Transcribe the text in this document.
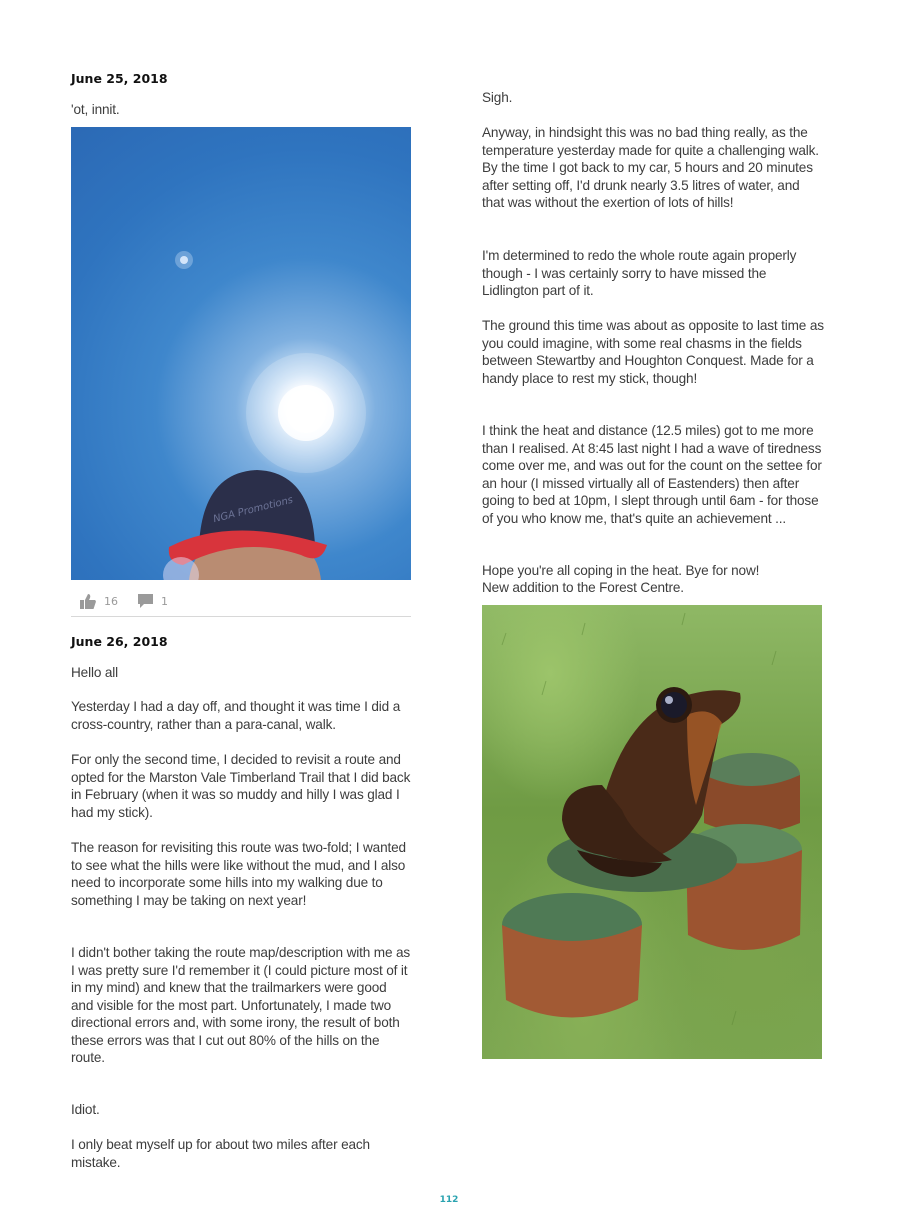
June 25, 2018
'ot, innit.
NGA Promotions
16	1
June 26, 2018
Hello all
Yesterday I had a day off, and thought it was time I did a cross-country, rather than a para-canal, walk.
For only the second time, I decided to revisit a route and opted for the Marston Vale Timberland Trail that I did back in February (when it was so muddy and hilly I was glad I had my stick).
The reason for revisiting this route was two-fold; I wanted to see what the hills were like without the mud, and I also need to incorporate some hills into my walking due to something I may be taking on next year!
I didn't bother taking the route map/description with me as I was pretty sure I'd remember it (I could picture most of it in my mind) and knew that the trailmarkers were good and visible for the most part. Unfortunately, I made two directional errors and, with some irony, the result of both these errors was that I cut out 80% of the hills on the route.
Idiot.
I only beat myself up for about two miles after each mistake.
Sigh.
Anyway, in hindsight this was no bad thing really, as the temperature yesterday made for quite a challenging walk. By the time I got back to my car, 5 hours and 20 minutes after setting off, I'd drunk nearly 3.5 litres of water, and that was without the exertion of lots of hills!
I'm determined to redo the whole route again properly though - I was certainly sorry to have missed the Lidlington part of it.
The ground this time was about as opposite to last time as you could imagine, with some real chasms in the fields between Stewartby and Houghton Conquest. Made for a handy place to rest my stick, though!
I think the heat and distance (12.5 miles) got to me more than I realised. At 8:45 last night I had a wave of tiredness come over me, and was out for the count on the settee for an hour (I missed virtually all of Eastenders) then after going to bed at 10pm, I slept through until 6am - for those of you who know me, that's quite an achievement ...
Hope you're all coping in the heat. Bye for now!
New addition to the Forest Centre.
112
